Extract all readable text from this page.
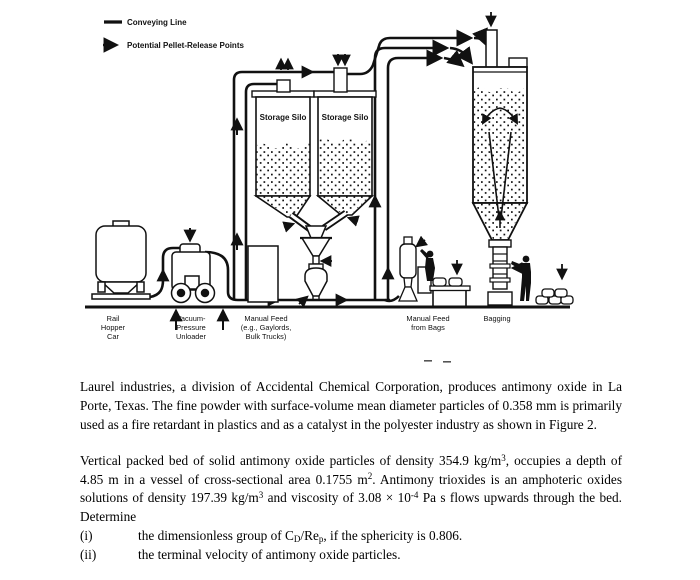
Conveying Line
Potential Pellet-Release Points
Storage Silo Storage Silo
Rail
Hopper
Car
Vacuum-
Pressure
Unloader
Manual Feed
(e.g., Gaylords,
Bulk Trucks)
Manual Feed
from Bags
Bagging

Laurel industries, a division of Accidental Chemical Corporation, produces antimony oxide in La Porte, Texas. The fine powder with surface-volume mean diameter particles of 0.358 mm is primarily used as a fire retardant in plastics and as a catalyst in the polyester industry as shown in Figure 2.

Vertical packed bed of solid antimony oxide particles of density 354.9 $kg/m^3$, occupies a depth of 4.85 m in a vessel of cross-sectional area 0.1755 $m^2$. Antimony trioxides is an amphoteric oxides solutions of density 197.39 $kg/m^3$ and viscosity of $3.08 \times 10^{-4}$ Pa s flows upwards through the bed. Determine

(i)	the dimensionless group of CD/Rep, if the sphericity is 0.806.
(ii)	the terminal velocity of antimony oxide particles.
